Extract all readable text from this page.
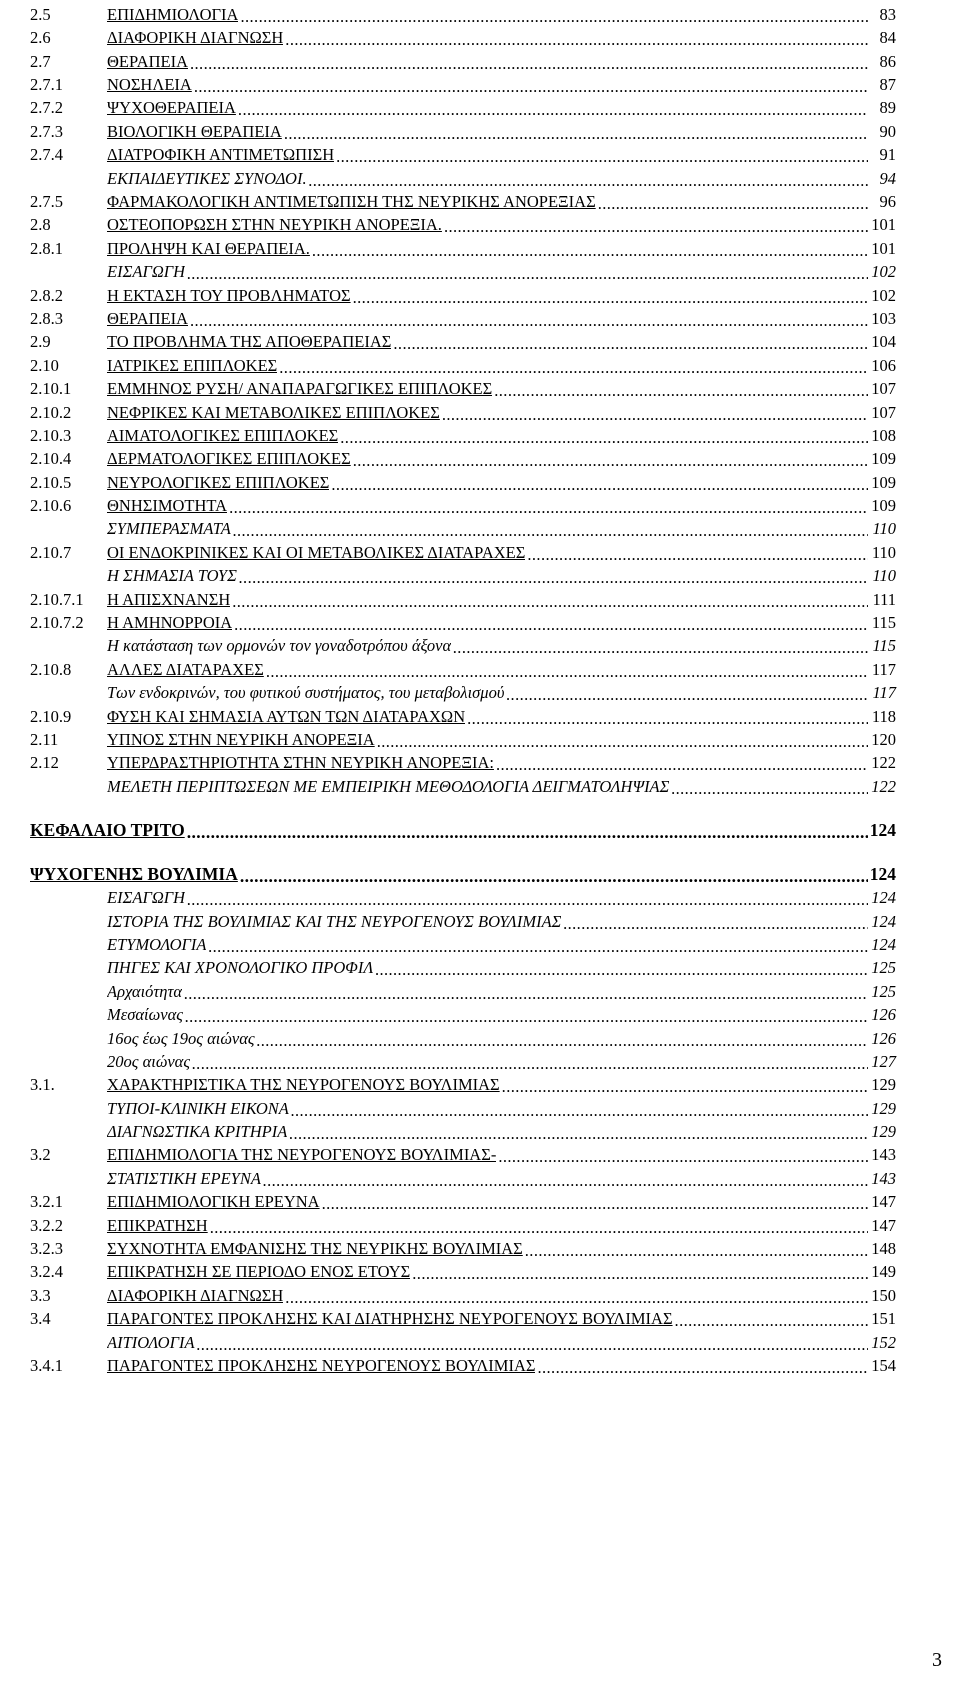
2.5	ΕΠΙΔΗΜΙΟΛΟΓΙΑ .....	83
2.6	ΔΙΑΦΟΡΙΚΗ ΔΙΑΓΝΩΣΗ .....	84
2.7	ΘΕΡΑΠΕΙΑ .....	86
2.7.1	ΝΟΣΗΛΕΙΑ .....	87
2.7.2	ΨΥΧΟΘΕΡΑΠΕΙΑ .....	89
2.7.3	ΒΙΟΛΟΓΙΚΗ ΘΕΡΑΠΕΙΑ .....	90
2.7.4	ΔΙΑΤΡΟΦΙΚΗ ΑΝΤΙΜΕΤΩΠΙΣΗ .....	91
ΕΚΠΑΙΔΕΥΤΙΚΕΣ ΣΥΝΟΔΟΙ. .....	94
2.7.5	ΦΑΡΜΑΚΟΛΟΓΙΚΗ ΑΝΤΙΜΕΤΩΠΙΣΗ ΤΗΣ ΝΕΥΡΙΚΗΣ ΑΝΟΡΕΞΙΑΣ .....	96
2.8	ΟΣΤΕΟΠΟΡΩΣΗ ΣΤΗΝ ΝΕΥΡΙΚΗ ΑΝΟΡΕΞΙΑ. .....	101
2.8.1	ΠΡΟΛΗΨΗ ΚΑΙ ΘΕΡΑΠΕΙΑ. .....	101
ΕΙΣΑΓΩΓΗ .....	102
2.8.2	Η ΕΚΤΑΣΗ ΤΟΥ ΠΡΟΒΛΗΜΑΤΟΣ .....	102
2.8.3	ΘΕΡΑΠΕΙΑ .....	103
2.9	ΤΟ ΠΡΟΒΛΗΜΑ ΤΗΣ ΑΠΟΘΕΡΑΠΕΙΑΣ .....	104
2.10	ΙΑΤΡΙΚΕΣ ΕΠΙΠΛΟΚΕΣ .....	106
2.10.1	ΕΜΜΗΝΟΣ ΡΥΣΗ/ ΑΝΑΠΑΡΑΓΩΓΙΚΕΣ ΕΠΙΠΛΟΚΕΣ .....	107
2.10.2	ΝΕΦΡΙΚΕΣ ΚΑΙ ΜΕΤΑΒΟΛΙΚΕΣ ΕΠΙΠΛΟΚΕΣ .....	107
2.10.3	ΑΙΜΑΤΟΛΟΓΙΚΕΣ ΕΠΙΠΛΟΚΕΣ .....	108
2.10.4	ΔΕΡΜΑΤΟΛΟΓΙΚΕΣ ΕΠΙΠΛΟΚΕΣ .....	109
2.10.5	ΝΕΥΡΟΛΟΓΙΚΕΣ ΕΠΙΠΛΟΚΕΣ .....	109
2.10.6	ΘΝΗΣΙΜΟΤΗΤΑ .....	109
ΣΥΜΠΕΡΑΣΜΑΤΑ .....	110
2.10.7	ΟΙ ΕΝΔΟΚΡΙΝΙΚΕΣ ΚΑΙ ΟΙ ΜΕΤΑΒΟΛΙΚΕΣ ΔΙΑΤΑΡΑΧΕΣ .....	110
Η ΣΗΜΑΣΙΑ ΤΟΥΣ .....	110
2.10.7.1	Η ΑΠΙΣΧΝΑΝΣΗ .....	111
2.10.7.2	Η ΑΜΗΝΟΡΡΟΙΑ .....	115
Η κατάσταση των ορμονών τον γοναδοτρόπου άξονα .....	115
2.10.8	ΑΛΛΕΣ ΔΙΑΤΑΡΑΧΕΣ .....	117
Των ενδοκρινών, του φυτικού συστήματος, του μεταβολισμού .....	117
2.10.9	ΦΥΣΗ ΚΑΙ ΣΗΜΑΣΙΑ ΑΥΤΩΝ ΤΩΝ ΔΙΑΤΑΡΑΧΩΝ .....	118
2.11	ΥΠΝΟΣ ΣΤΗΝ ΝΕΥΡΙΚΗ ΑΝΟΡΕΞΙΑ .....	120
2.12	ΥΠΕΡΔΡΑΣΤΗΡΙΟΤΗΤΑ ΣΤΗΝ ΝΕΥΡΙΚΗ ΑΝΟΡΕΞΙΑ: .....	122
ΜΕΛΕΤΗ ΠΕΡΙΠΤΩΣΕΩΝ ΜΕ ΕΜΠΕΙΡΙΚΗ ΜΕΘΟΔΟΛΟΓΙΑ ΔΕΙΓΜΑΤΟΛΗΨΙΑΣ .....	122
ΚΕΦΑΛΑΙΟ ΤΡΙΤΟ .....	124
ΨΥΧΟΓΕΝΗΣ ΒΟΥΛΙΜΙΑ .....	124
ΕΙΣΑΓΩΓΗ .....	124
ΙΣΤΟΡΙΑ ΤΗΣ ΒΟΥΛΙΜΙΑΣ ΚΑΙ ΤΗΣ ΝΕΥΡΟΓΕΝΟΥΣ ΒΟΥΛΙΜΙΑΣ .....	124
ΕΤΥΜΟΛΟΓΙΑ .....	124
ΠΗΓΕΣ ΚΑΙ ΧΡΟΝΟΛΟΓΙΚΟ ΠΡΟΦΙΛ .....	125
Αρχαιότητα .....	125
Μεσαίωνας .....	126
16ος έως 19ος αιώνας .....	126
20ος αιώνας .....	127
3.1.	ΧΑΡΑΚΤΗΡΙΣΤΙΚΑ ΤΗΣ ΝΕΥΡΟΓΕΝΟΥΣ ΒΟΥΛΙΜΙΑΣ .....	129
ΤΥΠΟΙ-ΚΛΙΝΙΚΗ ΕΙΚΟΝΑ .....	129
ΔΙΑΓΝΩΣΤΙΚΑ ΚΡΙΤΗΡΙΑ .....	129
3.2	ΕΠΙΔΗΜΙΟΛΟΓΙΑ ΤΗΣ ΝΕΥΡΟΓΕΝΟΥΣ ΒΟΥΛΙΜΙΑΣ- .....	143
ΣΤΑΤΙΣΤΙΚΗ ΕΡΕΥΝΑ .....	143
3.2.1	ΕΠΙΔΗΜΙΟΛΟΓΙΚΗ ΕΡΕΥΝΑ .....	147
3.2.2	ΕΠΙΚΡΑΤΗΣΗ .....	147
3.2.3	ΣΥΧΝΟΤΗΤΑ ΕΜΦΑΝΙΣΗΣ ΤΗΣ ΝΕΥΡΙΚΗΣ ΒΟΥΛΙΜΙΑΣ .....	148
3.2.4	ΕΠΙΚΡΑΤΗΣΗ ΣΕ ΠΕΡΙΟΔΟ ΕΝΟΣ ΕΤΟΥΣ .....	149
3.3	ΔΙΑΦΟΡΙΚΗ ΔΙΑΓΝΩΣΗ .....	150
3.4	ΠΑΡΑΓΟΝΤΕΣ ΠΡΟΚΛΗΣΗΣ ΚΑΙ ΔΙΑΤΗΡΗΣΗΣ ΝΕΥΡΟΓΕΝΟΥΣ ΒΟΥΛΙΜΙΑΣ .....	151
ΑΙΤΙΟΛΟΓΙΑ .....	152
3.4.1	ΠΑΡΑΓΟΝΤΕΣ ΠΡΟΚΛΗΣΗΣ ΝΕΥΡΟΓΕΝΟΥΣ ΒΟΥΛΙΜΙΑΣ .....	154
3
